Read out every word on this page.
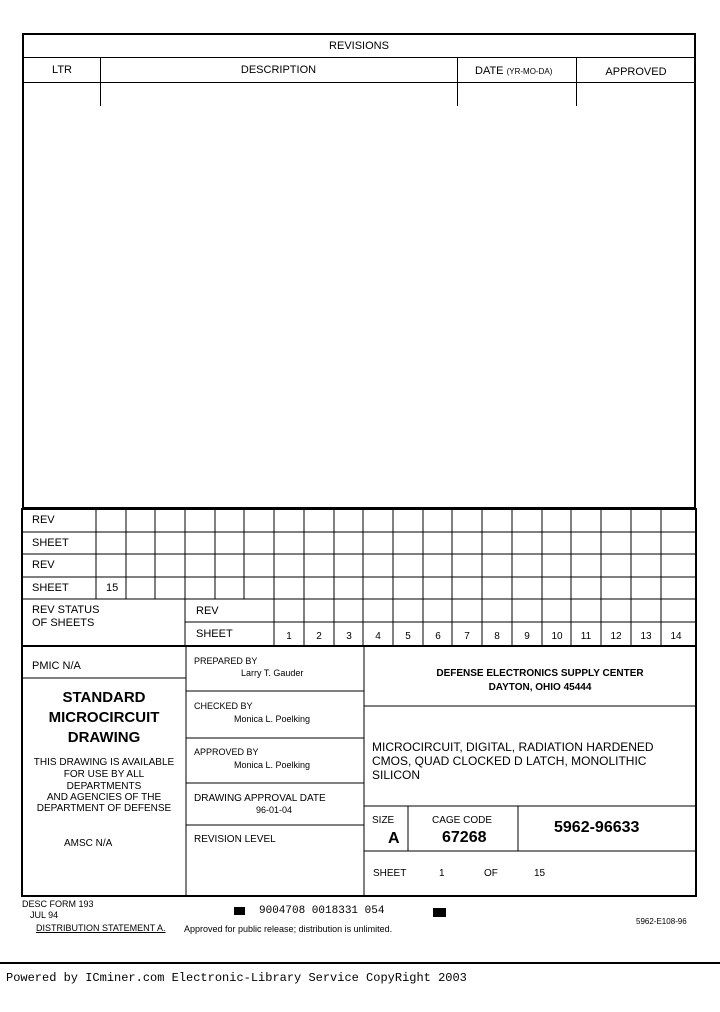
REVISIONS
LTR	DESCRIPTION	DATE (YR-MO-DA)	APPROVED
REV
SHEET
REV
SHEET	15
REV STATUS
OF SHEETS
REV
SHEET	1	2	3	4	5	6	7	8	9	10	11	12	13	14
PMIC N/A
STANDARD
MICROCIRCUIT
DRAWING
THIS DRAWING IS AVAILABLE
FOR USE BY ALL
DEPARTMENTS
AND AGENCIES OF THE
DEPARTMENT OF DEFENSE
AMSC N/A
PREPARED BY
Larry T. Gauder
CHECKED BY
Monica L. Poelking
APPROVED BY
Monica L. Poelking
DRAWING APPROVAL DATE
96-01-04
REVISION LEVEL
DEFENSE ELECTRONICS SUPPLY CENTER
DAYTON, OHIO 45444
MICROCIRCUIT, DIGITAL, RADIATION HARDENED
CMOS, QUAD CLOCKED D LATCH, MONOLITHIC
SILICON
SIZE
A
CAGE CODE
67268
5962-96633
SHEET	1	OF	15
DESC FORM 193
JUL 94	9004708 0018331 054
DISTRIBUTION STATEMENT A. Approved for public release; distribution is unlimited.
5962-E108-96
Powered by ICminer.com Electronic-Library Service CopyRight 2003
